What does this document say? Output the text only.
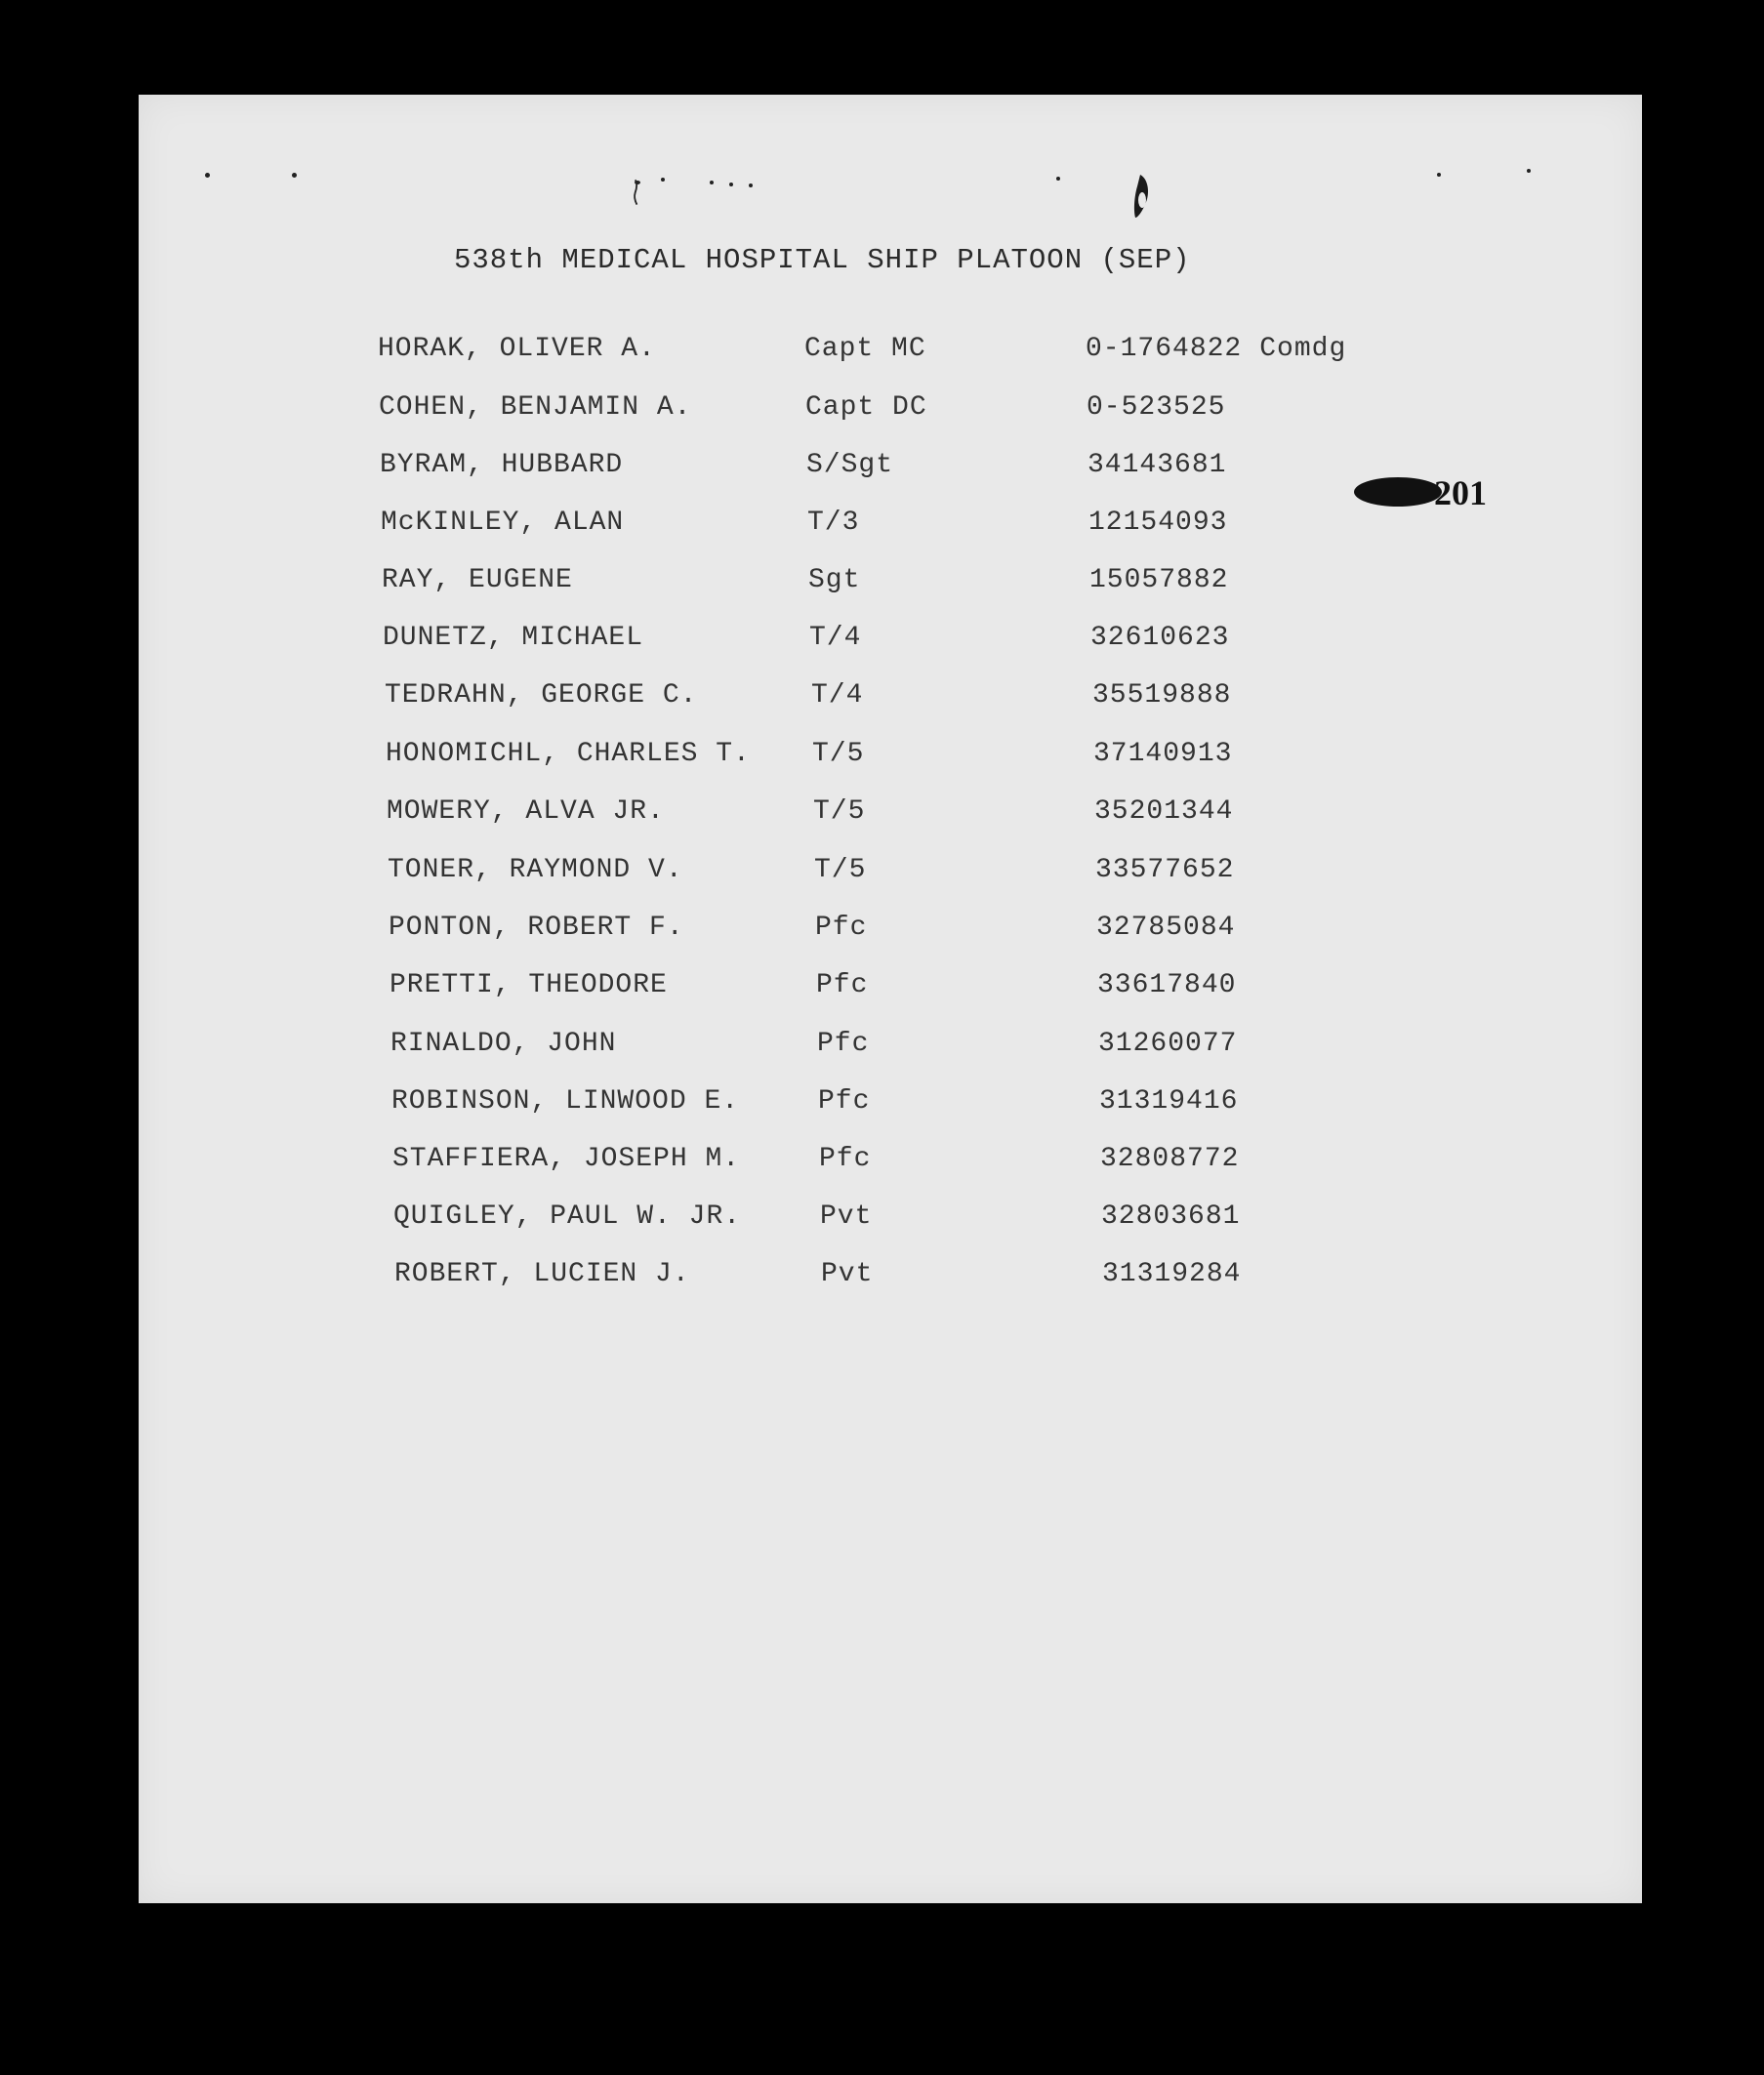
538th MEDICAL HOSPITAL SHIP PLATOON (SEP)
201
HORAK, OLIVER A.	Capt MC	0-1764822 Comdg
COHEN, BENJAMIN A.	Capt DC	0-523525
BYRAM, HUBBARD	S/Sgt	34143681
McKINLEY, ALAN	T/3	12154093
RAY, EUGENE	Sgt	15057882
DUNETZ, MICHAEL	T/4	32610623
TEDRAHN, GEORGE C.	T/4	35519888
HONOMICHL, CHARLES T. T/5	37140913
MOWERY, ALVA JR.	T/5	35201344
TONER, RAYMOND V.	T/5	33577652
PONTON, ROBERT F.	Pfc	32785084
PRETTI, THEODORE	Pfc	33617840
RINALDO, JOHN	Pfc	31260077
ROBINSON, LINWOOD E.	Pfc	31319416
STAFFIERA, JOSEPH M.	Pfc	32808772
QUIGLEY, PAUL W. JR.	Pvt	32803681
ROBERT, LUCIEN J.	Pvt	31319284
